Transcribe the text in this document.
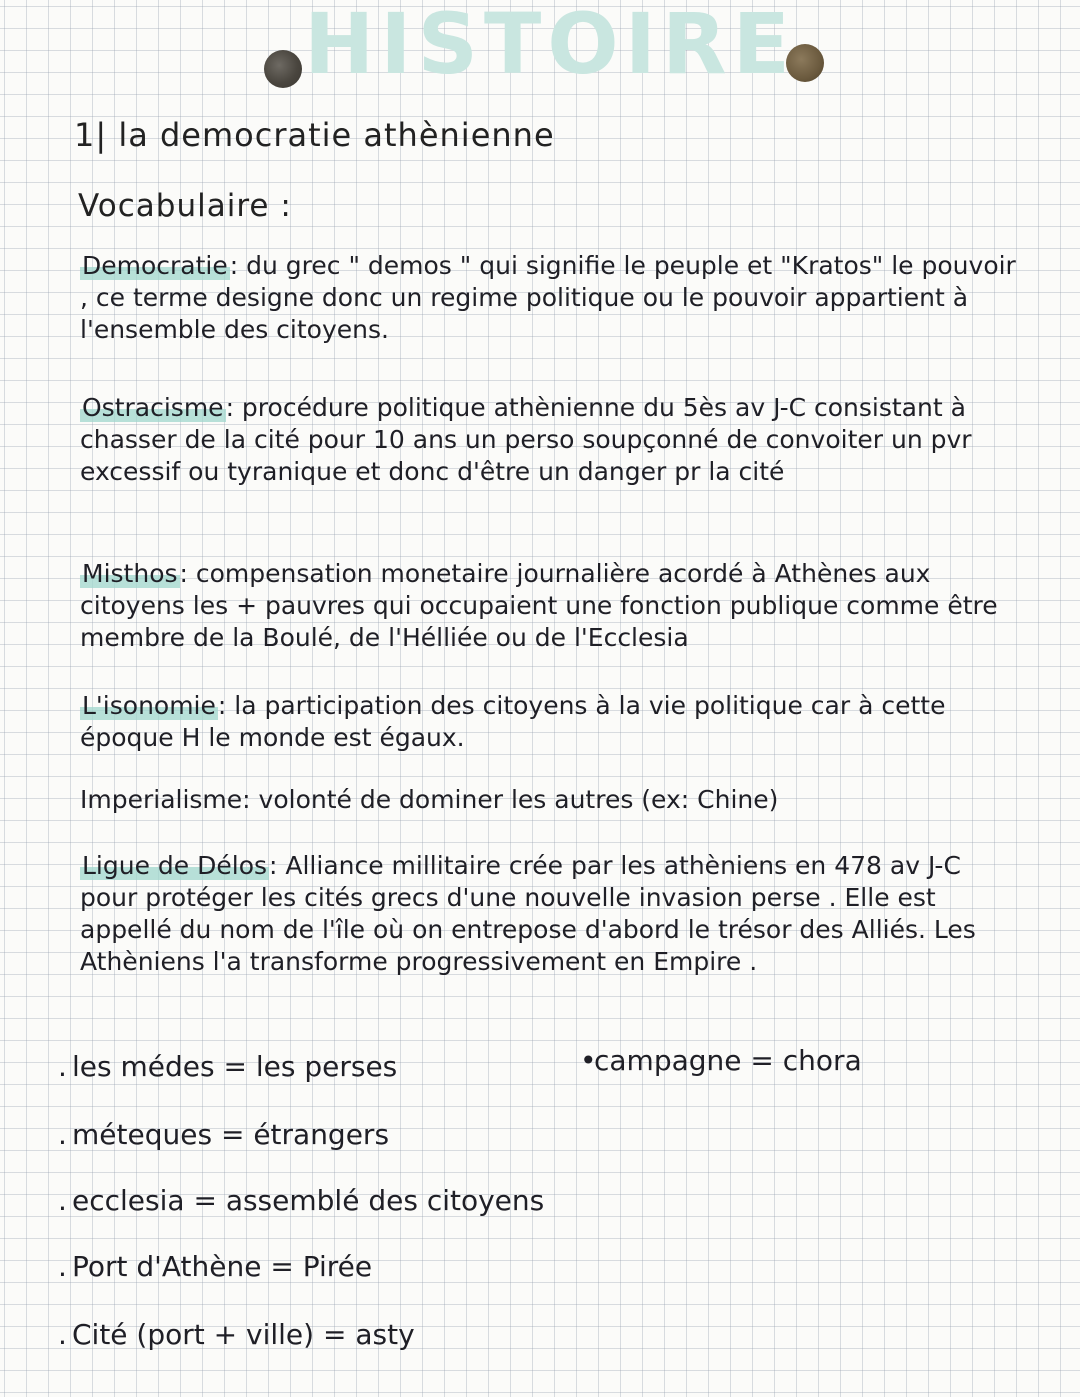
HISTOIRE
1| la democratie athènienne
Vocabulaire :
Democratie: du grec " demos " qui signifie le peuple et "Kratos" le pouvoir , ce terme designe donc un regime politique ou le pouvoir appartient à l'ensemble des citoyens.
Ostracisme: procédure politique athènienne du 5ès av J-C consistant à chasser de la cité pour 10 ans un perso soupçonné de convoiter un pvr excessif ou tyranique et donc d'être un danger pr la cité
Misthos: compensation monetaire journalière acordé à Athènes aux citoyens les + pauvres qui occupaient une fonction publique comme être membre de la Boulé, de l'Hélliée ou de l'Ecclesia
L'isonomie: la participation des citoyens à la vie politique car à cette époque H le monde est égaux.
Imperialisme: volonté de dominer les autres (ex: Chine)
Ligue de Délos: Alliance millitaire crée par les athèniens en 478 av J-C pour protéger les cités grecs d'une nouvelle invasion perse . Elle est appellé du nom de l'île où on entrepose d'abord le trésor des Alliés. Les Athèniens l'a transforme progressivement en Empire .
. les médes = les perses	•campagne = chora
. méteques = étrangers
. ecclesia = assemblé des citoyens
. Port d'Athène = Pirée
. Cité (port + ville) = asty
